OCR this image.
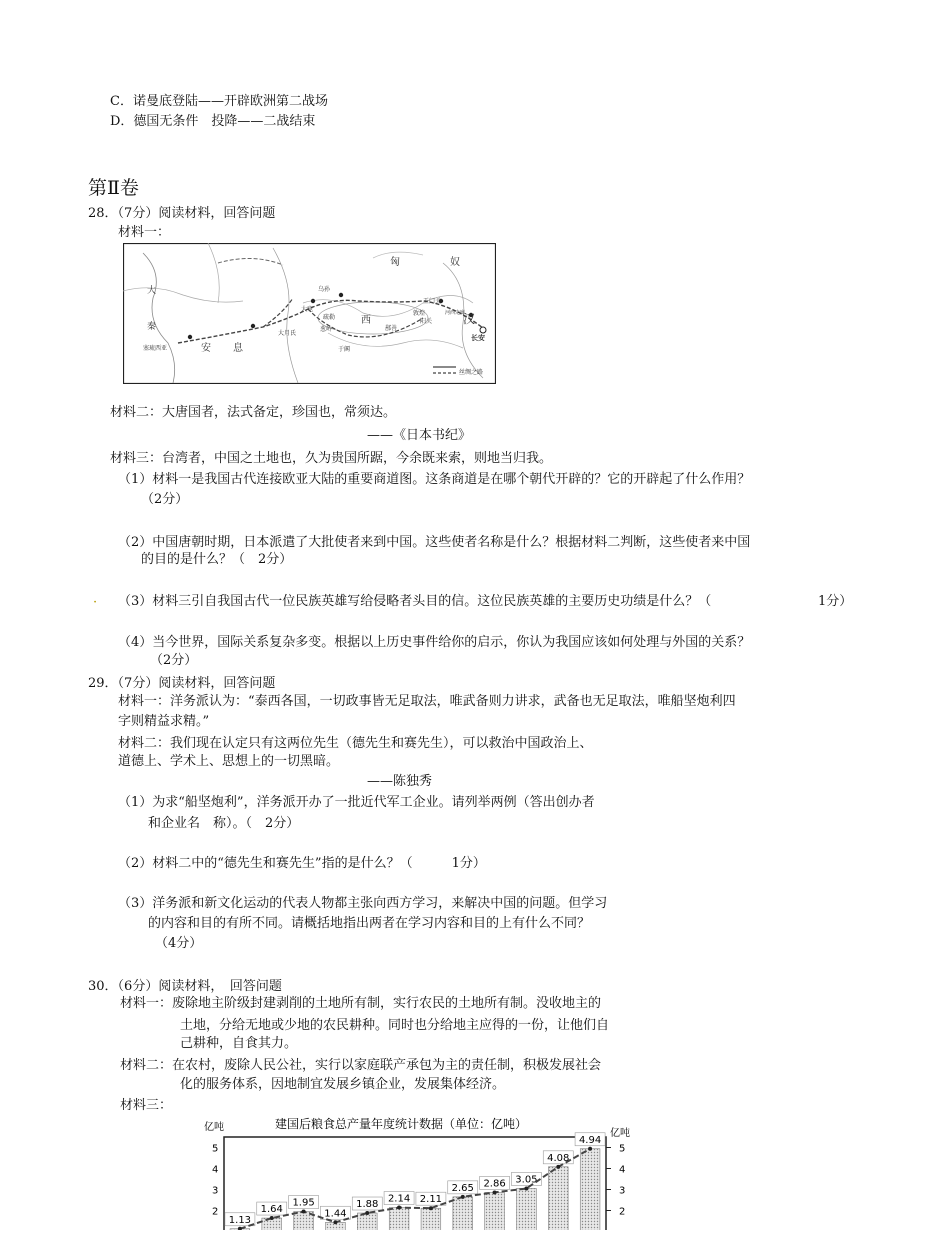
C．诺曼底登陆——开辟欧洲第二战场
D．德国无条件　投降——二战结束
第Ⅱ卷
28．（7分）阅读材料，回答问题
材料一：
匈	奴
大
秦
安 息
西	汉
大宛
乌孙
疏勒
大月氏
于阗
鄯善
玉门关
敦煌
阳关
河西走廊
葱岭
长安
塞琉西亚
丝绸之路
材料二：大唐国者，法式备定，珍国也，常须达。
——《日本书纪》
材料三：台湾者，中国之土地也，久为贵国所踞，今余既来索，则地当归我。
（1）材料一是我国古代连接欧亚大陆的重要商道图。这条商道是在哪个朝代开辟的？它的开辟起了什么作用？
（2分）
（2）中国唐朝时期，日本派遣了大批使者来到中国。这些使者名称是什么？根据材料二判断，这些使者来中国
的目的是什么？（　2分）
· （3）材料三引自我国古代一位民族英雄写给侵略者头目的信。这位民族英雄的主要历史功绩是什么？（	1分）
（4）当今世界，国际关系复杂多变。根据以上历史事件给你的启示，你认为我国应该如何处理与外国的关系？
（2分）
29．（7分）阅读材料，回答问题
材料一：洋务派认为：“泰西各国，一切政事皆无足取法，唯武备则力讲求，武备也无足取法，唯船坚炮利四
字则精益求精。”
材料二：我们现在认定只有这两位先生（德先生和赛先生），可以救治中国政治上、
道德上、学术上、思想上的一切黑暗。
——陈独秀
（1）为求“船坚炮利”，洋务派开办了一批近代军工企业。请列举两例（答出创办者
和企业名　称）。（　2分）
（2）材料二中的“德先生和赛先生”指的是什么？（　　　1分）
（3）洋务派和新文化运动的代表人物都主张向西方学习，来解决中国的问题。但学习
的内容和目的有所不同。请概括地指出两者在学习内容和目的上有什么不同？
（4分）
30．（6分）阅读材料，　回答问题
材料一：废除地主阶级封建剥削的土地所有制，实行农民的土地所有制。没收地主的
土地，分给无地或少地的农民耕种。同时也分给地主应得的一份，让他们自
己耕种，自食其力。
材料二：在农村，废除人民公社，实行以家庭联产承包为主的责任制，积极发展社会
化的服务体系，因地制宜发展乡镇企业，发展集体经济。
材料三：
建国后粮食总产量年度统计数据（单位：亿吨）
亿吨
亿吨
2	2
3	3
4	4
5	5
1.13
1.64
1.95
1.44
1.88 2.14 2.11
2.65 2.86 3.05
4.08
4.94
